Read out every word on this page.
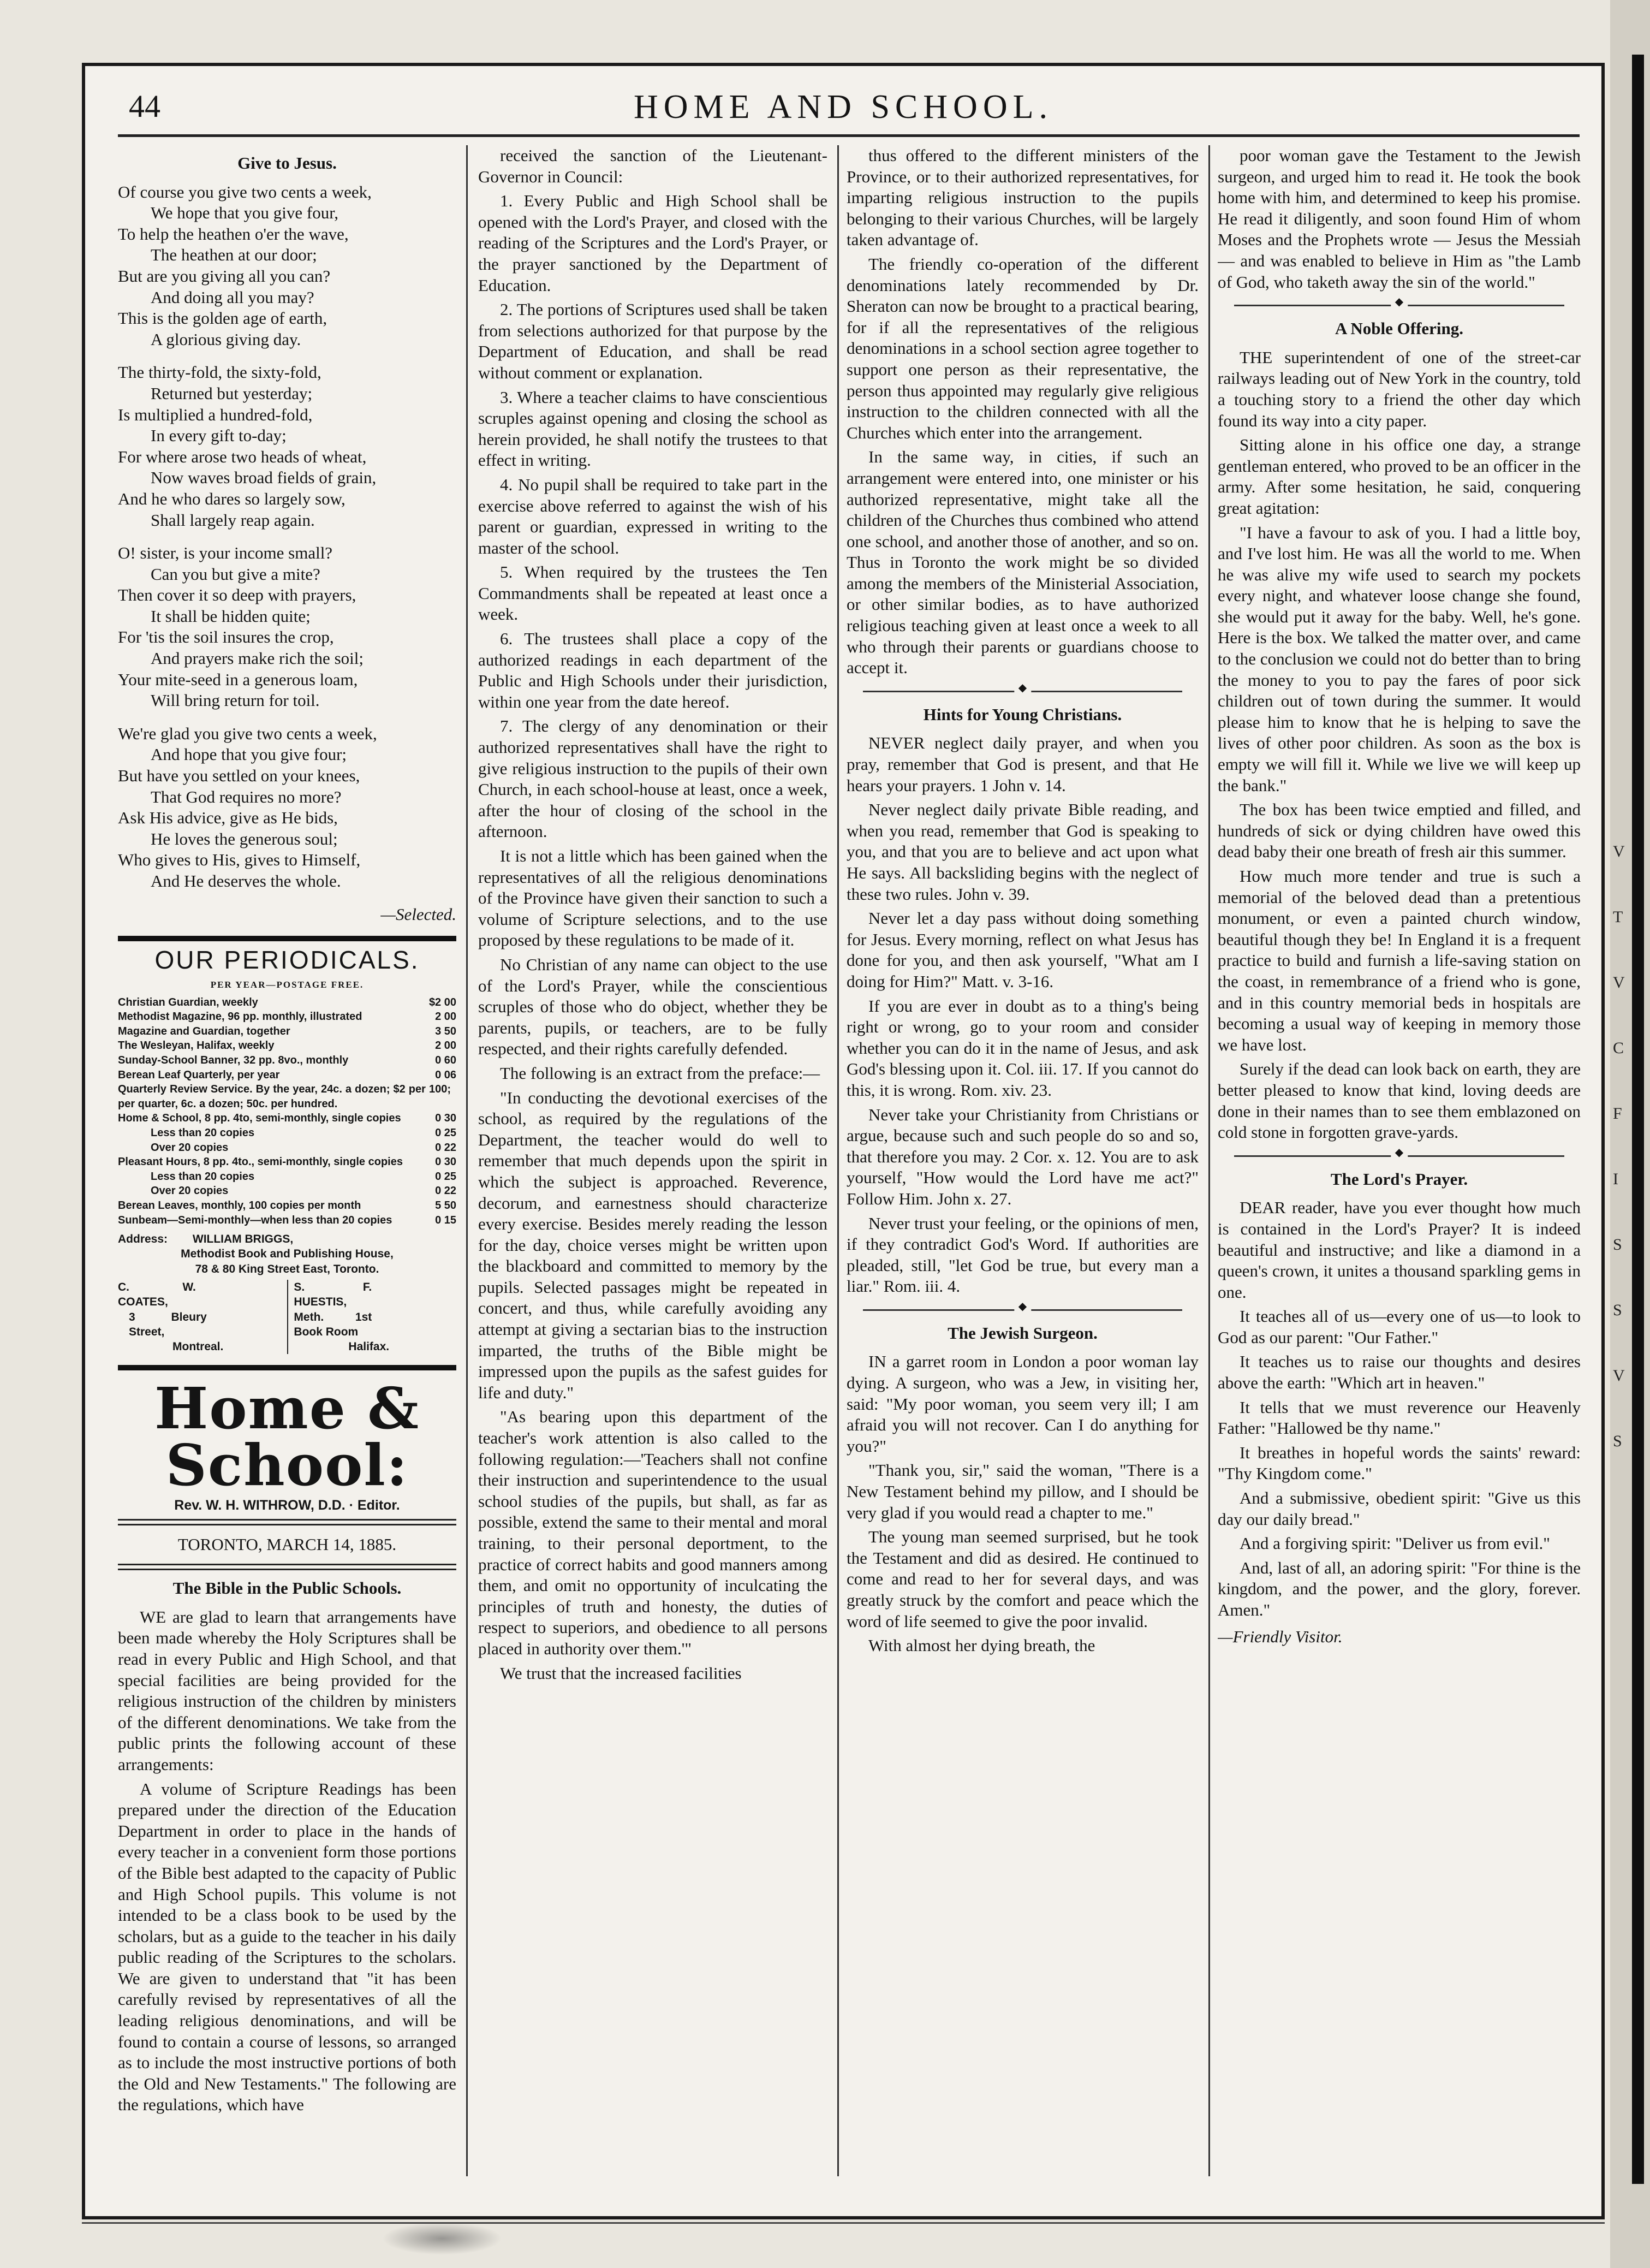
V
T
V
C
F
I
S
S
V
S
44	HOME AND SCHOOL.
Give to Jesus.

Of course you give two cents a week,

We hope that you give four,

To help the heathen o'er the wave,

The heathen at our door;

But are you giving all you can?

And doing all you may?

This is the golden age of earth,

A glorious giving day.

The thirty-fold, the sixty-fold,

Returned but yesterday;

Is multiplied a hundred-fold,

In every gift to-day;

For where arose two heads of wheat,

Now waves broad fields of grain,

And he who dares so largely sow,

Shall largely reap again.

O! sister, is your income small?

Can you but give a mite?

Then cover it so deep with prayers,

It shall be hidden quite;

For 'tis the soil insures the crop,

And prayers make rich the soil;

Your mite-seed in a generous loam,

Will bring return for toil.

We're glad you give two cents a week,

And hope that you give four;

But have you settled on your knees,

That God requires no more?

Ask His advice, give as He bids,

He loves the generous soul;

Who gives to His, gives to Himself,

And He deserves the whole.

—Selected.
OUR PERIODICALS.
PER YEAR—POSTAGE FREE.
Christian Guardian, weekly	$2 00
Methodist Magazine, 96 pp. monthly, illustrated	2 00
Magazine and Guardian, together	3 50
The Wesleyan, Halifax, weekly	2 00
Sunday-School Banner, 32 pp. 8vo., monthly	0 60
Berean Leaf Quarterly, per year	0 06
Quarterly Review Service. By the year, 24c. a dozen; $2 per 100; per quarter, 6c. a dozen; 50c. per hundred.
Home & School, 8 pp. 4to, semi-monthly, single copies	0 30
Less than 20 copies	0 25
Over 20 copies	0 22
Pleasant Hours, 8 pp. 4to., semi-monthly, single copies	0 30
Less than 20 copies	0 25
Over 20 copies	0 22
Berean Leaves, monthly, 100 copies per month	5 50
Sunbeam—Semi-monthly—when less than 20 copies	0 15
Address: WILLIAM BRIGGS,
Methodist Book and Publishing House,
78 & 80 King Street East, Toronto.
C. W. COATES,
3 Bleury Street,
Montreal.
S. F. HUESTIS,
Meth. 1st Book Room
Halifax.
Home & School:
Rev. W. H. WITHROW, D.D. · Editor.
TORONTO, MARCH 14, 1885.
The Bible in the Public Schools.

WE are glad to learn that arrangements have been made whereby the Holy Scriptures shall be read in every Public and High School, and that special facilities are being provided for the religious instruction of the children by ministers of the different denominations. We take from the public prints the following account of these arrangements:

A volume of Scripture Readings has been prepared under the direction of the Education Department in order to place in the hands of every teacher in a convenient form those portions of the Bible best adapted to the capacity of Public and High School pupils. This volume is not intended to be a class book to be used by the scholars, but as a guide to the teacher in his daily public reading of the Scriptures to the scholars. We are given to understand that "it has been carefully revised by representatives of all the leading religious denominations, and will be found to contain a course of lessons, so arranged as to include the most instructive portions of both the Old and New Testaments." The following are the regulations, which have

received the sanction of the Lieutenant-Governor in Council:

1. Every Public and High School shall be opened with the Lord's Prayer, and closed with the reading of the Scriptures and the Lord's Prayer, or the prayer sanctioned by the Department of Education.

2. The portions of Scriptures used shall be taken from selections authorized for that purpose by the Department of Education, and shall be read without comment or explanation.

3. Where a teacher claims to have conscientious scruples against opening and closing the school as herein provided, he shall notify the trustees to that effect in writing.

4. No pupil shall be required to take part in the exercise above referred to against the wish of his parent or guardian, expressed in writing to the master of the school.

5. When required by the trustees the Ten Commandments shall be repeated at least once a week.

6. The trustees shall place a copy of the authorized readings in each department of the Public and High Schools under their jurisdiction, within one year from the date hereof.

7. The clergy of any denomination or their authorized representatives shall have the right to give religious instruction to the pupils of their own Church, in each school-house at least, once a week, after the hour of closing of the school in the afternoon.

It is not a little which has been gained when the representatives of all the religious denominations of the Province have given their sanction to such a volume of Scripture selections, and to the use proposed by these regulations to be made of it.

No Christian of any name can object to the use of the Lord's Prayer, while the conscientious scruples of those who do object, whether they be parents, pupils, or teachers, are to be fully respected, and their rights carefully defended.

The following is an extract from the preface:—

"In conducting the devotional exercises of the school, as required by the regulations of the Department, the teacher would do well to remember that much depends upon the spirit in which the subject is approached. Reverence, decorum, and earnestness should characterize every exercise. Besides merely reading the lesson for the day, choice verses might be written upon the blackboard and committed to memory by the pupils. Selected passages might be repeated in concert, and thus, while carefully avoiding any attempt at giving a sectarian bias to the instruction imparted, the truths of the Bible might be impressed upon the pupils as the safest guides for life and duty."

"As bearing upon this department of the teacher's work attention is also called to the following regulation:—'Teachers shall not confine their instruction and superintendence to the usual school studies of the pupils, but shall, as far as possible, extend the same to their mental and moral training, to their personal deportment, to the practice of correct habits and good manners among them, and omit no opportunity of inculcating the principles of truth and honesty, the duties of respect to superiors, and obedience to all persons placed in authority over them.'"

We trust that the increased facilities

thus offered to the different ministers of the Province, or to their authorized representatives, for imparting religious instruction to the pupils belonging to their various Churches, will be largely taken advantage of.

The friendly co-operation of the different denominations lately recommended by Dr. Sheraton can now be brought to a practical bearing, for if all the representatives of the religious denominations in a school section agree together to support one person as their representative, the person thus appointed may regularly give religious instruction to the children connected with all the Churches which enter into the arrangement.

In the same way, in cities, if such an arrangement were entered into, one minister or his authorized representative, might take all the children of the Churches thus combined who attend one school, and another those of another, and so on. Thus in Toronto the work might be so divided among the members of the Ministerial Association, or other similar bodies, as to have authorized religious teaching given at least once a week to all who through their parents or guardians choose to accept it.

◆
Hints for Young Christians.

NEVER neglect daily prayer, and when you pray, remember that God is present, and that He hears your prayers. 1 John v. 14.

Never neglect daily private Bible reading, and when you read, remember that God is speaking to you, and that you are to believe and act upon what He says. All backsliding begins with the neglect of these two rules. John v. 39.

Never let a day pass without doing something for Jesus. Every morning, reflect on what Jesus has done for you, and then ask yourself, "What am I doing for Him?" Matt. v. 3-16.

If you are ever in doubt as to a thing's being right or wrong, go to your room and consider whether you can do it in the name of Jesus, and ask God's blessing upon it. Col. iii. 17. If you cannot do this, it is wrong. Rom. xiv. 23.

Never take your Christianity from Christians or argue, because such and such people do so and so, that therefore you may. 2 Cor. x. 12. You are to ask yourself, "How would the Lord have me act?" Follow Him. John x. 27.

Never trust your feeling, or the opinions of men, if they contradict God's Word. If authorities are pleaded, still, "let God be true, but every man a liar." Rom. iii. 4.

◆
The Jewish Surgeon.

IN a garret room in London a poor woman lay dying. A surgeon, who was a Jew, in visiting her, said: "My poor woman, you seem very ill; I am afraid you will not recover. Can I do anything for you?"

"Thank you, sir," said the woman, "There is a New Testament behind my pillow, and I should be very glad if you would read a chapter to me."

The young man seemed surprised, but he took the Testament and did as desired. He continued to come and read to her for several days, and was greatly struck by the comfort and peace which the word of life seemed to give the poor invalid.

With almost her dying breath, the

poor woman gave the Testament to the Jewish surgeon, and urged him to read it. He took the book home with him, and determined to keep his promise. He read it diligently, and soon found Him of whom Moses and the Prophets wrote — Jesus the Messiah — and was enabled to believe in Him as "the Lamb of God, who taketh away the sin of the world."

◆
A Noble Offering.

THE superintendent of one of the street-car railways leading out of New York in the country, told a touching story to a friend the other day which found its way into a city paper.

Sitting alone in his office one day, a strange gentleman entered, who proved to be an officer in the army. After some hesitation, he said, conquering great agitation:

"I have a favour to ask of you. I had a little boy, and I've lost him. He was all the world to me. When he was alive my wife used to search my pockets every night, and whatever loose change she found, she would put it away for the baby. Well, he's gone. Here is the box. We talked the matter over, and came to the conclusion we could not do better than to bring the money to you to pay the fares of poor sick children out of town during the summer. It would please him to know that he is helping to save the lives of other poor children. As soon as the box is empty we will fill it. While we live we will keep up the bank."

The box has been twice emptied and filled, and hundreds of sick or dying children have owed this dead baby their one breath of fresh air this summer.

How much more tender and true is such a memorial of the beloved dead than a pretentious monument, or even a painted church window, beautiful though they be! In England it is a frequent practice to build and furnish a life-saving station on the coast, in remembrance of a friend who is gone, and in this country memorial beds in hospitals are becoming a usual way of keeping in memory those we have lost.

Surely if the dead can look back on earth, they are better pleased to know that kind, loving deeds are done in their names than to see them emblazoned on cold stone in forgotten grave-yards.

◆
The Lord's Prayer.

DEAR reader, have you ever thought how much is contained in the Lord's Prayer? It is indeed beautiful and instructive; and like a diamond in a queen's crown, it unites a thousand sparkling gems in one.

It teaches all of us—every one of us—to look to God as our parent: "Our Father."

It teaches us to raise our thoughts and desires above the earth: "Which art in heaven."

It tells that we must reverence our Heavenly Father: "Hallowed be thy name."

It breathes in hopeful words the saints' reward: "Thy Kingdom come."

And a submissive, obedient spirit: "Give us this day our daily bread."

And a forgiving spirit: "Deliver us from evil."

And, last of all, an adoring spirit: "For thine is the kingdom, and the power, and the glory, forever. Amen."

—Friendly Visitor.
